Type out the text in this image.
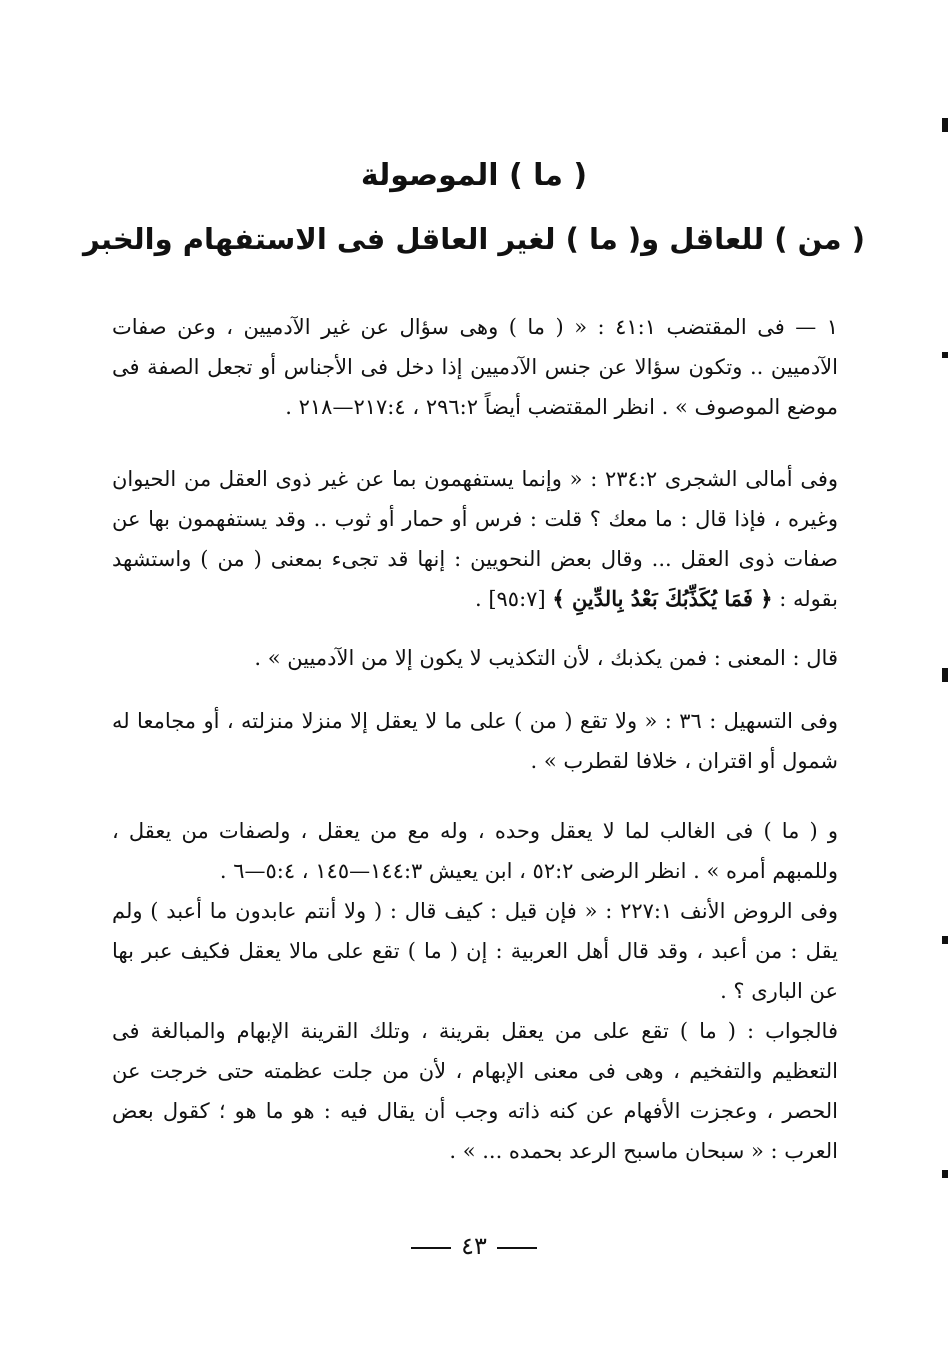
( ما ) الموصولة
( من ) للعاقل و( ما ) لغير العاقل فى الاستفهام والخبر

١ — فى المقتضب ٤١:١ : « ( ما ) وهى سؤال عن غير الآدميين ، وعن صفات الآدميين .. وتكون سؤالا عن جنس الآدميين إذا دخل فى الأجناس أو تجعل الصفة فى موضع الموصوف » . انظر المقتضب أيضاً ٢٩٦:٢ ، ٢١٧:٤—٢١٨ .

وفى أمالى الشجرى ٢٣٤:٢ : « وإنما يستفهمون بما عن غير ذوى العقل من الحيوان وغيره ، فإذا قال : ما معك ؟ قلت : فرس أو حمار أو ثوب .. وقد يستفهمون بها عن صفات ذوى العقل ... وقال بعض النحويين : إنها قد تجىء بمعنى ( من ) واستشهد بقوله : ﴿ فَمَا يُكَذِّبُكَ بَعْدُ بِالدِّينِ ﴾ [٩٥:٧] .

قال : المعنى : فمن يكذبك ، لأن التكذيب لا يكون إلا من الآدميين » .

وفى التسهيل : ٣٦ : « ولا تقع ( من ) على ما لا يعقل إلا منزلا منزلته ، أو مجامعا له شمول أو اقتران ، خلافا لقطرب » .

و ( ما ) فى الغالب لما لا يعقل وحده ، وله مع من يعقل ، ولصفات من يعقل ، وللمبهم أمره » . انظر الرضى ٥٢:٢ ، ابن يعيش ١٤٤:٣—١٤٥ ، ٥:٤—٦ .

وفى الروض الأنف ٢٢٧:١ : « فإن قيل : كيف قال : ( ولا أنتم عابدون ما أعبد ) ولم يقل : من أعبد ، وقد قال أهل العربية : إن ( ما ) تقع على مالا يعقل فكيف عبر بها عن البارى ؟ .

فالجواب : ( ما ) تقع على من يعقل بقرينة ، وتلك القرينة الإبهام والمبالغة فى التعظيم والتفخيم ، وهى فى معنى الإبهام ، لأن من جلت عظمته حتى خرجت عن الحصر ، وعجزت الأفهام عن كنه ذاته وجب أن يقال فيه : هو ما هو ؛ كقول بعض العرب : « سبحان ماسبح الرعد بحمده ... » .

٤٣
